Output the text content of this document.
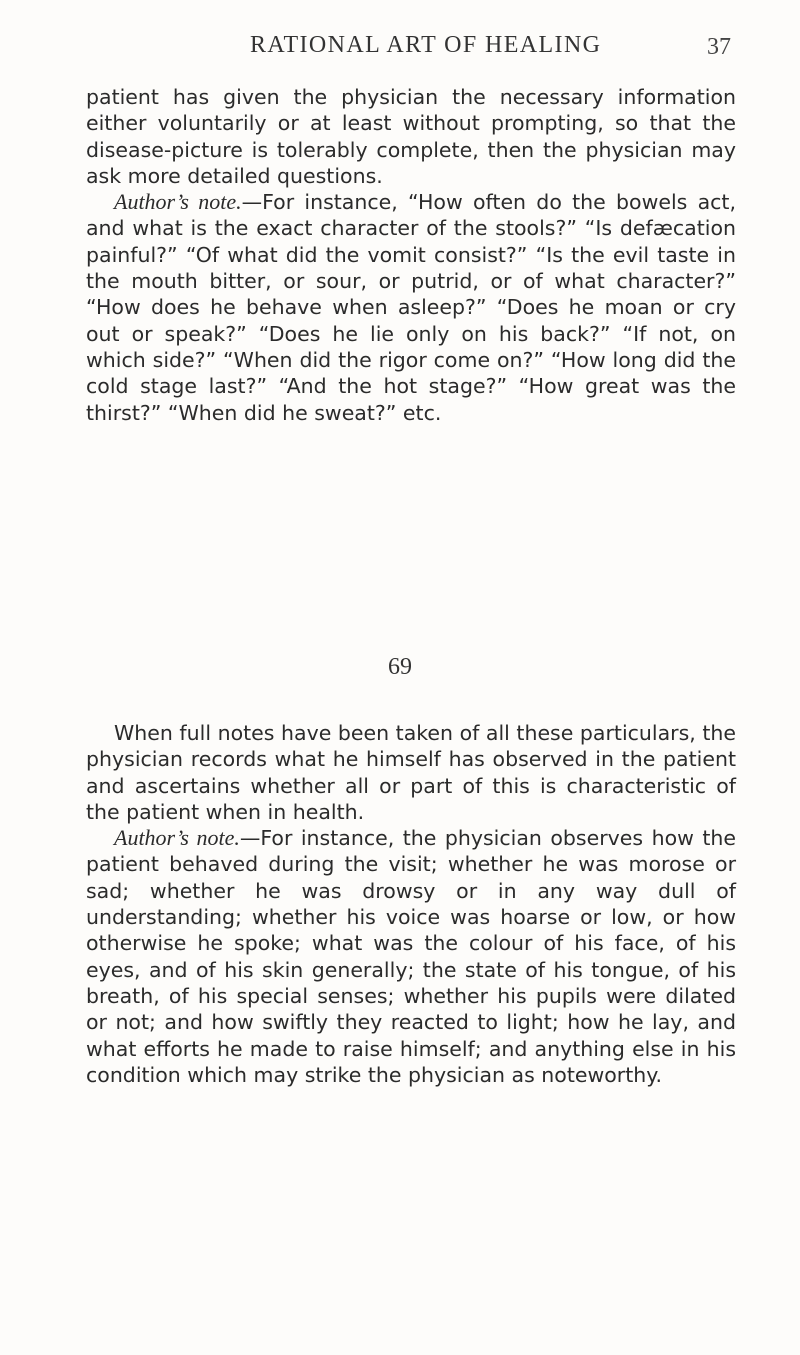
RATIONAL ART OF HEALING	37

patient has given the physician the necessary information either voluntarily or at least without prompting, so that the disease-picture is tolerably complete, then the physician may ask more detailed questions.

Author’s note.—For instance, “How often do the bowels act, and what is the exact character of the stools?” “Is defæcation painful?” “Of what did the vomit consist?” “Is the evil taste in the mouth bitter, or sour, or putrid, or of what character?” “How does he behave when asleep?” “Does he moan or cry out or speak?” “Does he lie only on his back?” “If not, on which side?” “When did the rigor come on?” “How long did the cold stage last?” “And the hot stage?” “How great was the thirst?” “When did he sweat?” etc.

69

When full notes have been taken of all these particulars, the physician records what he himself has observed in the patient and ascertains whether all or part of this is characteristic of the patient when in health.

Author’s note.—For instance, the physician observes how the patient behaved during the visit; whether he was morose or sad; whether he was drowsy or in any way dull of understanding; whether his voice was hoarse or low, or how otherwise he spoke; what was the colour of his face, of his eyes, and of his skin generally; the state of his tongue, of his breath, of his special senses; whether his pupils were dilated or not; and how swiftly they reacted to light; how he lay, and what efforts he made to raise himself; and anything else in his condition which may strike the physician as noteworthy.
